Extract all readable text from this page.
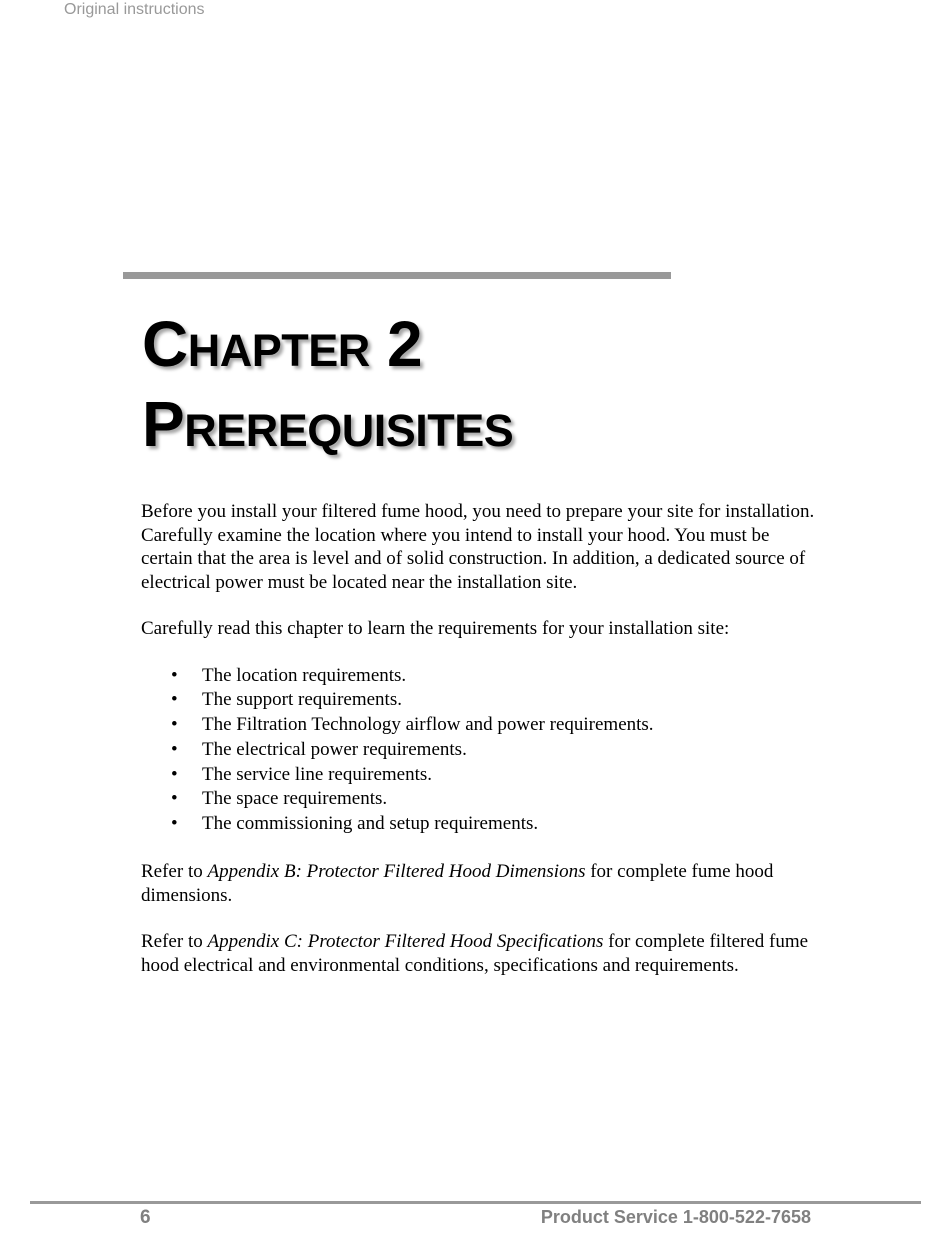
Original instructions
Chapter 2
Prerequisites

Before you install your filtered fume hood, you need to prepare your site for installation. Carefully examine the location where you intend to install your hood. You must be certain that the area is level and of solid construction. In addition, a dedicated source of electrical power must be located near the installation site.

Carefully read this chapter to learn the requirements for your installation site:

• The location requirements.
• The support requirements.
• The Filtration Technology airflow and power requirements.
• The electrical power requirements.
• The service line requirements.
• The space requirements.
• The commissioning and setup requirements.

Refer to Appendix B: Protector Filtered Hood Dimensions for complete fume hood dimensions.

Refer to Appendix C: Protector Filtered Hood Specifications for complete filtered fume hood electrical and environmental conditions, specifications and requirements.

6	Product Service 1-800-522-7658
